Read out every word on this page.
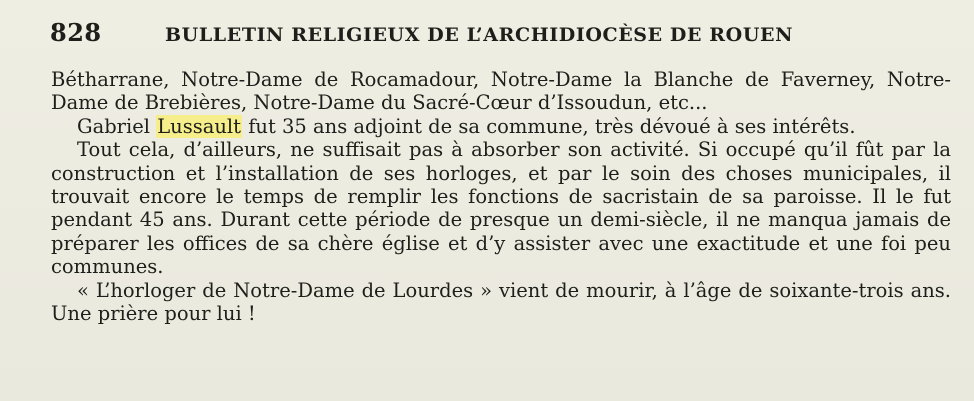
828	BULLETIN RELIGIEUX DE L’ARCHIDIOCÈSE DE ROUEN

Bétharrane, Notre-Dame de Rocamadour, Notre-Dame la Blanche de Faverney, Notre-Dame de Brebières, Notre-Dame du Sacré-Cœur d’Issoudun, etc...

Gabriel Lussault fut 35 ans adjoint de sa commune, très dévoué à ses intérêts.

Tout cela, d’ailleurs, ne suffisait pas à absorber son activité. Si occupé qu’il fût par la construction et l’installation de ses horloges, et par le soin des choses municipales, il trouvait encore le temps de remplir les fonctions de sacristain de sa paroisse. Il le fut pendant 45 ans. Durant cette période de presque un demi-siècle, il ne manqua jamais de préparer les offices de sa chère église et d’y assister avec une exactitude et une foi peu communes.

« L’horloger de Notre-Dame de Lourdes » vient de mourir, à l’âge de soixante-trois ans. Une prière pour lui !
